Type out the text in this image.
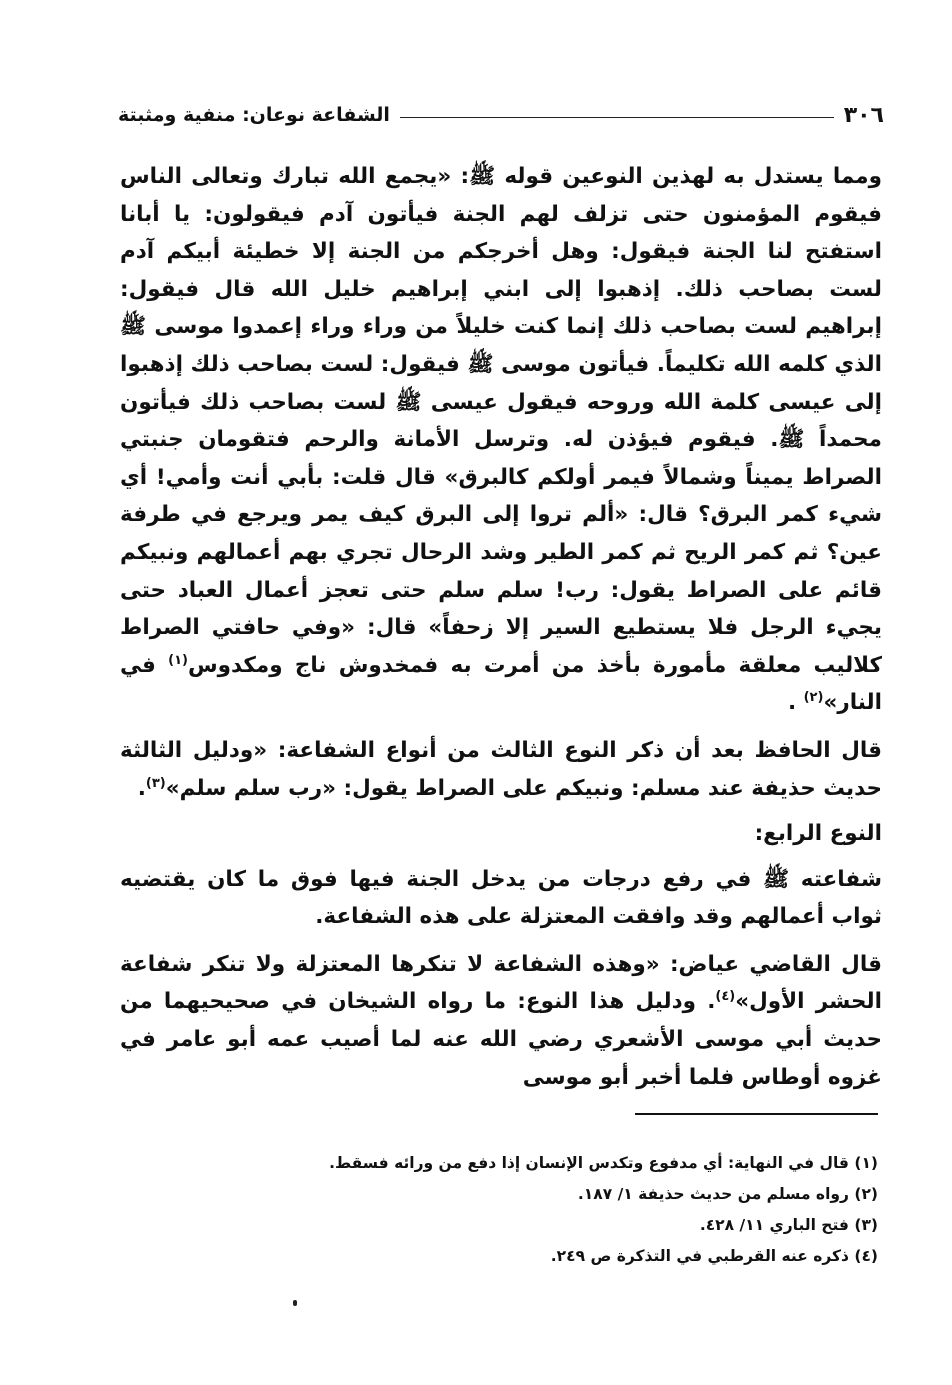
٣٠٦
الشفاعة نوعان: منفية ومثبتة

ومما يستدل به لهذين النوعين قوله ﷺ: «يجمع الله تبارك وتعالى الناس فيقوم المؤمنون حتى تزلف لهم الجنة فيأتون آدم فيقولون: يا أبانا استفتح لنا الجنة فيقول: وهل أخرجكم من الجنة إلا خطيئة أبيكم آدم لست بصاحب ذلك. إذهبوا إلى ابني إبراهيم خليل الله قال فيقول: إبراهيم لست بصاحب ذلك إنما كنت خليلاً من وراء وراء إعمدوا موسى ﷺ الذي كلمه الله تكليماً. فيأتون موسى ﷺ فيقول: لست بصاحب ذلك إذهبوا إلى عيسى كلمة الله وروحه فيقول عيسى ﷺ لست بصاحب ذلك فيأتون محمداً ﷺ. فيقوم فيؤذن له. وترسل الأمانة والرحم فتقومان جنبتي الصراط يميناً وشمالاً فيمر أولكم كالبرق» قال قلت: بأبي أنت وأمي! أي شيء كمر البرق؟ قال: «ألم تروا إلى البرق كيف يمر ويرجع في طرفة عين؟ ثم كمر الريح ثم كمر الطير وشد الرحال تجري بهم أعمالهم ونبيكم قائم على الصراط يقول: رب! سلم سلم حتى تعجز أعمال العباد حتى يجيء الرجل فلا يستطيع السير إلا زحفاً» قال: «وفي حافتي الصراط كلاليب معلقة مأمورة بأخذ من أمرت به فمخدوش ناج ومكدوس$^{(١)}$ في النار»$^{(٢)}$ .

قال الحافظ بعد أن ذكر النوع الثالث من أنواع الشفاعة: «ودليل الثالثة حديث حذيفة عند مسلم: ونبيكم على الصراط يقول: «رب سلم سلم»$^{(٣)}$.

النوع الرابع:

شفاعته ﷺ في رفع درجات من يدخل الجنة فيها فوق ما كان يقتضيه ثواب أعمالهم وقد وافقت المعتزلة على هذه الشفاعة.

قال القاضي عياض: «وهذه الشفاعة لا تنكرها المعتزلة ولا تنكر شفاعة الحشر الأول»$^{(٤)}$. ودليل هذا النوع: ما رواه الشيخان في صحيحيهما من حديث أبي موسى الأشعري رضي الله عنه لما أصيب عمه أبو عامر في غزوه أوطاس فلما أخبر أبو موسى

(١) قال في النهاية: أي مدفوع وتكدس الإنسان إذا دفع من ورائه فسقط.

(٢) رواه مسلم من حديث حذيفة ١/ ١٨٧.

(٣) فتح الباري ١١/ ٤٢٨.

(٤) ذكره عنه القرطبي في التذكرة ص ٢٤٩.
